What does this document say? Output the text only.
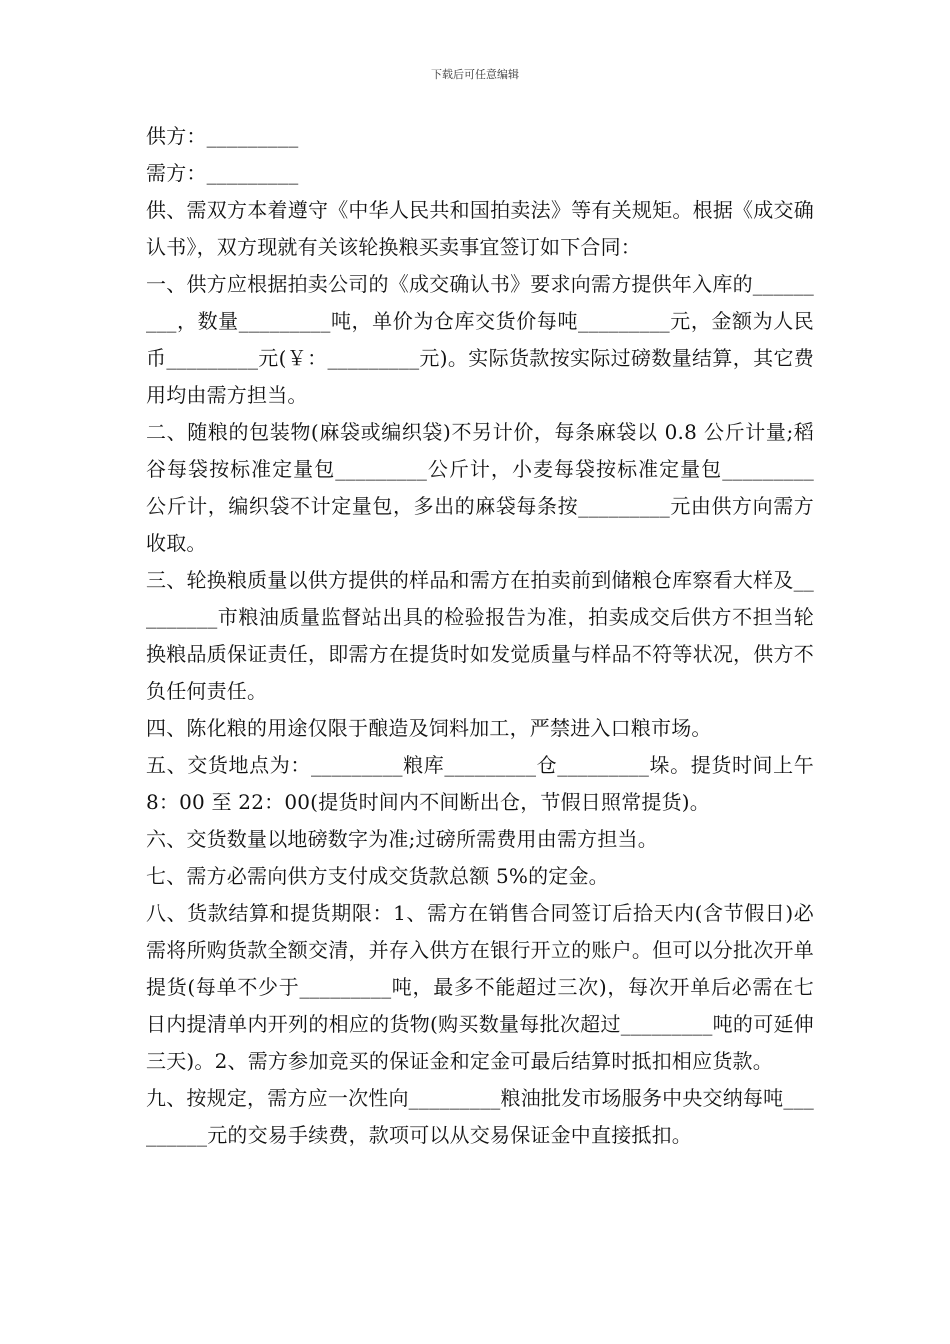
下载后可任意编辑

供方：_________

需方：_________

供、需双方本着遵守《中华人民共和国拍卖法》等有关规矩。根据《成交确认书》，双方现就有关该轮换粮买卖事宜签订如下合同：

一、供方应根据拍卖公司的《成交确认书》要求向需方提供年入库的_________，数量_________吨，单价为仓库交货价每吨_________元，金额为人民币_________元(￥：_________元)。实际货款按实际过磅数量结算，其它费用均由需方担当。

二、随粮的包装物(麻袋或编织袋)不另计价，每条麻袋以 0.8 公斤计量;稻谷每袋按标准定量包_________公斤计，小麦每袋按标准定量包_________公斤计，编织袋不计定量包，多出的麻袋每条按_________元由供方向需方收取。

三、轮换粮质量以供方提供的样品和需方在拍卖前到储粮仓库察看大样及_________市粮油质量监督站出具的检验报告为准，拍卖成交后供方不担当轮换粮品质保证责任，即需方在提货时如发觉质量与样品不符等状况，供方不负任何责任。

四、陈化粮的用途仅限于酿造及饲料加工，严禁进入口粮市场。

五、交货地点为：_________粮库_________仓_________垛。提货时间上午 8：00 至 22：00(提货时间内不间断出仓，节假日照常提货)。

六、交货数量以地磅数字为准;过磅所需费用由需方担当。

七、需方必需向供方支付成交货款总额 5%的定金。

八、货款结算和提货期限：1、需方在销售合同签订后拾天内(含节假日)必需将所购货款全额交清，并存入供方在银行开立的账户。但可以分批次开单提货(每单不少于_________吨，最多不能超过三次)，每次开单后必需在七日内提清单内开列的相应的货物(购买数量每批次超过_________吨的可延伸三天)。2、需方参加竞买的保证金和定金可最后结算时抵扣相应货款。

九、按规定，需方应一次性向_________粮油批发市场服务中央交纳每吨_________元的交易手续费，款项可以从交易保证金中直接抵扣。
